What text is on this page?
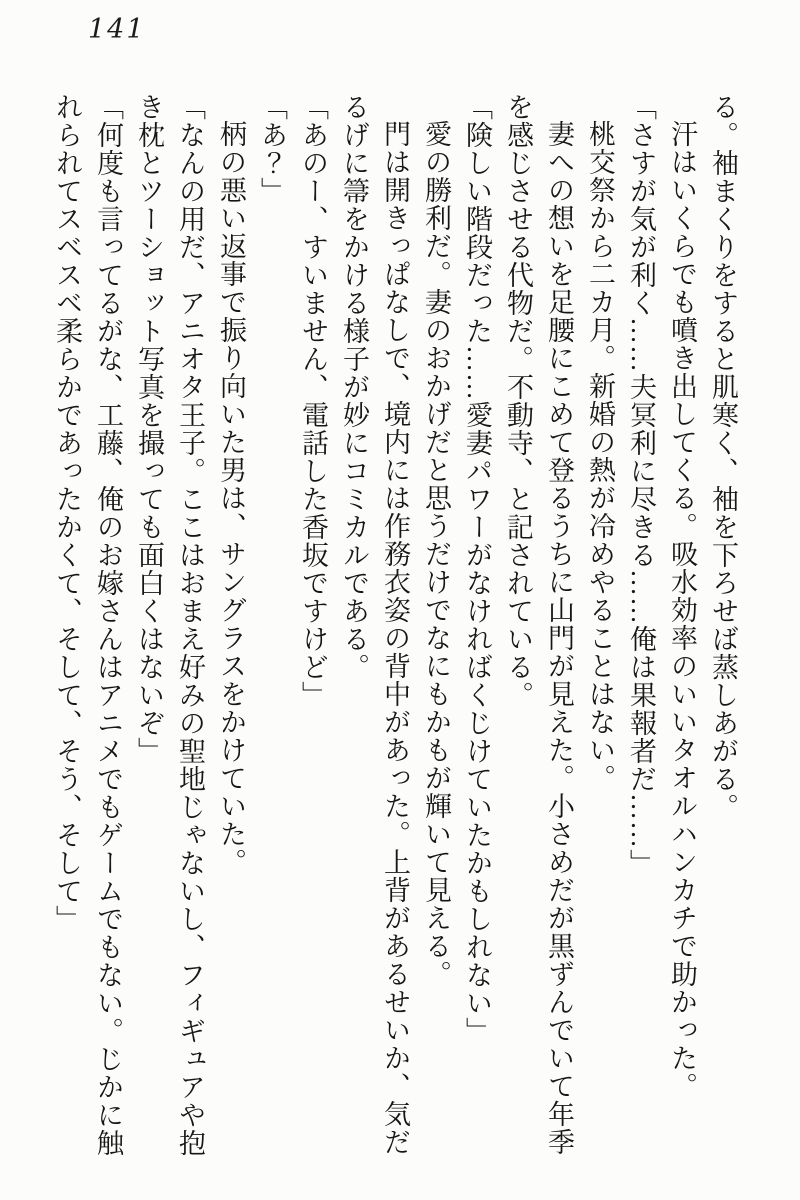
141
る。袖まくりをすると肌寒く、袖を下ろせば蒸しあがる。
汗はいくらでも噴き出してくる。吸水効率のいいタオルハンカチで助かった。
「さすが気が利く……夫冥利に尽きる……俺は果報者だ……」
桃交祭から二カ月。新婚の熱が冷めやることはない。
妻への想いを足腰にこめて登るうちに山門が見えた。小さめだが黒ずんでいて年季
を感じさせる代物だ。不動寺、と記されている。
「険しい階段だった……愛妻パワーがなければくじけていたかもしれない」
愛の勝利だ。妻のおかげだと思うだけでなにもかもが輝いて見える。
門は開きっぱなしで、境内には作務衣姿の背中があった。上背があるせいか、気だ
るげに箒をかける様子が妙にコミカルである。
「あのー、すいません、電話した香坂ですけど」
「あ？」
柄の悪い返事で振り向いた男は、サングラスをかけていた。
「なんの用だ、アニオタ王子。ここはおまえ好みの聖地じゃないし、フィギュアや抱
き枕とツーショット写真を撮っても面白くはないぞ」
「何度も言ってるがな、工藤、俺のお嫁さんはアニメでもゲームでもない。じかに触
れられてスベスベ柔らかであったかくて、そして、そう、そして」
